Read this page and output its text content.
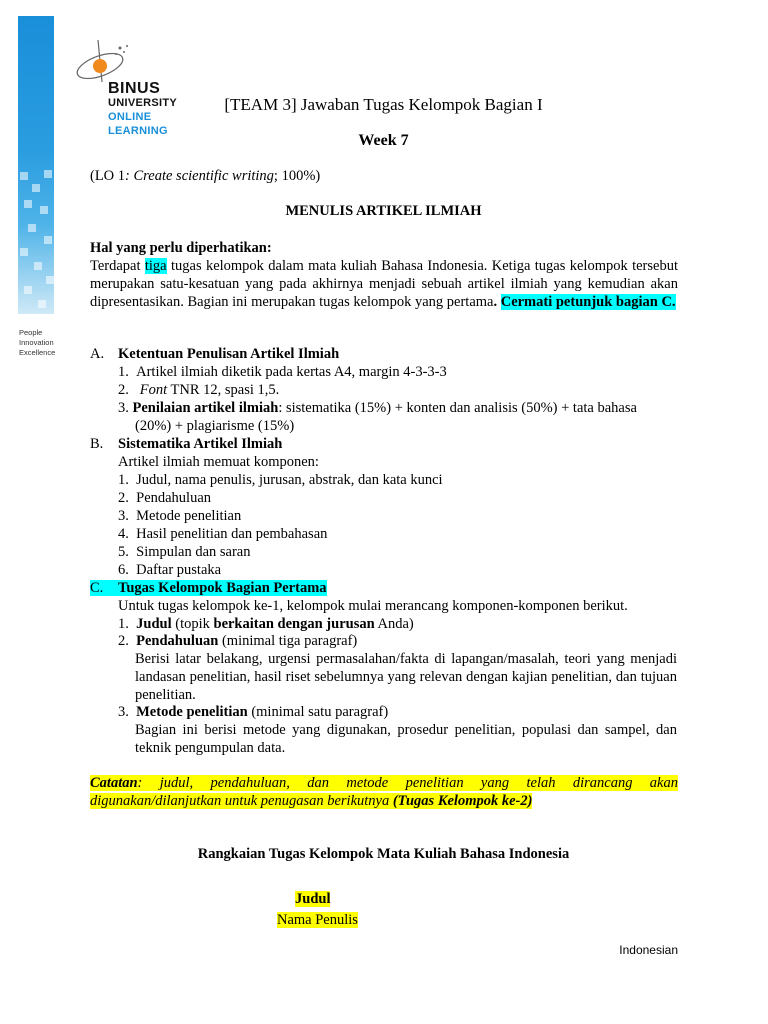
People
Innovation
Excellence
BINUS
UNIVERSITY
ONLINE
LEARNING
[TEAM 3] Jawaban Tugas Kelompok Bagian I
Week 7
(LO 1: Create scientific writing; 100%)
MENULIS ARTIKEL ILMIAH
Hal yang perlu diperhatikan:
Terdapat tiga tugas kelompok dalam mata kuliah Bahasa Indonesia. Ketiga tugas kelompok tersebut merupakan satu-kesatuan yang pada akhirnya menjadi sebuah artikel ilmiah yang kemudian akan dipresentasikan. Bagian ini merupakan tugas kelompok yang pertama. Cermati petunjuk bagian C.
A. Ketentuan Penulisan Artikel Ilmiah
1. Artikel ilmiah diketik pada kertas A4, margin 4-3-3-3
2. Font TNR 12, spasi 1,5.
3. Penilaian artikel ilmiah: sistematika (15%) + konten dan analisis (50%) + tata bahasa
(20%) + plagiarisme (15%)
B. Sistematika Artikel Ilmiah
Artikel ilmiah memuat komponen:
1. Judul, nama penulis, jurusan, abstrak, dan kata kunci
2. Pendahuluan
3. Metode penelitian
4. Hasil penelitian dan pembahasan
5. Simpulan dan saran
6. Daftar pustaka
C.	Tugas Kelompok Bagian Pertama
Untuk tugas kelompok ke-1, kelompok mulai merancang komponen-komponen berikut.
1. Judul (topik berkaitan dengan jurusan Anda)
2. Pendahuluan (minimal tiga paragraf)
Berisi latar belakang, urgensi permasalahan/fakta di lapangan/masalah, teori yang menjadi landasan penelitian, hasil riset sebelumnya yang relevan dengan kajian penelitian, dan tujuan penelitian.
3. Metode penelitian (minimal satu paragraf)
Bagian ini berisi metode yang digunakan, prosedur penelitian, populasi dan sampel, dan teknik pengumpulan data.
Catatan: judul, pendahuluan, dan metode penelitian yang telah dirancang akan digunakan/dilanjutkan untuk penugasan berikutnya (Tugas Kelompok ke-2)
Rangkaian Tugas Kelompok Mata Kuliah Bahasa Indonesia
Judul
Nama Penulis
Indonesian
